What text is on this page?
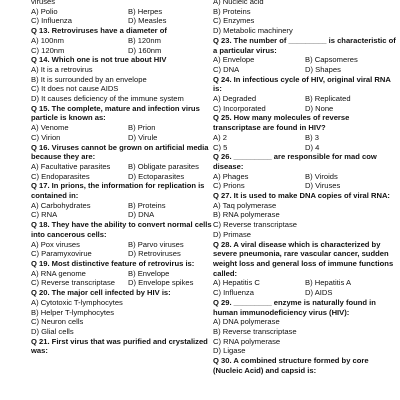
viruses
A) Polio	B) Herpes
C) Influenza	D) Measles
Q 13. Retroviruses have a diameter of
A) 100nm	B) 120nm
C) 120nm	D) 160nm
Q 14. Which one is not true about HIV
A) It is a retrovirus
B) It is surrounded by an envelope
C) It does not cause AIDS
D) It causes deficiency of the immune system
Q 15. The complete, mature and infection virus particle is known as:
A) Venome	B) Prion
C) Virion	D) Virule
Q 16. Viruses cannot be grown on artificial media because they are:
A) Facultative parasites	B) Obligate parasites
C) Endoparasites	D) Ectoparasites
Q 17. In prions, the information for replication is contained in:
A) Carbohydrates	B) Proteins
C) RNA	D) DNA
Q 18. They have the ability to convert normal cells into cancerous cells:
A) Pox viruses	B) Parvo viruses
C) Paramyxovirue	D) Retroviruses
Q 19. Most distinctive feature of retrovirus is:
A) RNA genome	B) Envelope
C) Reverse transcriptase	D) Envelope spikes
Q 20. The major cell infected by HIV is:
A) Cytotoxic T-lymphocytes
B) Helper T-lymphocytes
C) Neuron cells
D) Glial cells
Q 21. First virus that was purified and crystalized was:
A) Nucleic acid
B) Proteins
C) Enzymes
D) Metabolic machinery
Q 23. The number of _________ is characteristic of a particular virus:
A) Envelope	B) Capsomeres
C) DNA	D) Shapes
Q 24. In infectious cycle of HIV, original viral RNA is:
A) Degraded	B) Replicated
C) Incorporated	D) None
Q 25. How many molecules of reverse transcriptase are found in HIV?
A) 2	B) 3
C) 5	D) 4
Q 26. _________ are responsible for mad cow disease:
A) Phages	B) Viroids
C) Prions	D) Viruses
Q 27. It is used to make DNA copies of viral RNA:
A) Taq polymerase
B) RNA polymerase
C) Reverse transcriptase
D) Primase
Q 28. A viral disease which is characterized by severe pneumonia, rare vascular cancer, sudden weight loss and general loss of immune functions called:
A) Hepatitis C	B) Hepatitis A
C) Influenza	D) AIDS
Q 29. _________ enzyme is naturally found in human immunodeficiency virus (HIV):
A) DNA polymerase
B) Reverse transcriptase
C) RNA polymerase
D) Ligase
Q 30. A combined structure formed by core (Nucleic Acid) and capsid is:
